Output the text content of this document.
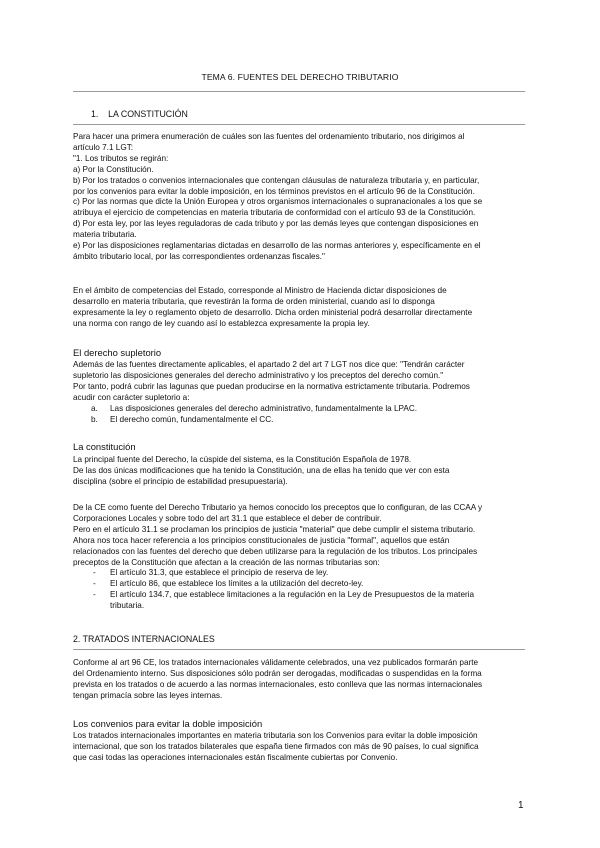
TEMA 6. FUENTES DEL DERECHO TRIBUTARIO
1. LA CONSTITUCIÓN

Para hacer una primera enumeración de cuáles son las fuentes del ordenamiento tributario, nos dirigimos al

artículo 7.1 LGT:

"1. Los tributos se regirán:

a) Por la Constitución.

b) Por los tratados o convenios internacionales que contengan cláusulas de naturaleza tributaria y, en particular,

por los convenios para evitar la doble imposición, en los términos previstos en el artículo 96 de la Constitución.

c) Por las normas que dicte la Unión Europea y otros organismos internacionales o supranacionales a los que se

atribuya el ejercicio de competencias en materia tributaria de conformidad con el artículo 93 de la Constitución.

d) Por esta ley, por las leyes reguladoras de cada tributo y por las demás leyes que contengan disposiciones en

materia tributaria.

e) Por las disposiciones reglamentarias dictadas en desarrollo de las normas anteriores y, específicamente en el

ámbito tributario local, por las correspondientes ordenanzas fiscales."

En el ámbito de competencias del Estado, corresponde al Ministro de Hacienda dictar disposiciones de

desarrollo en materia tributaria, que revestirán la forma de orden ministerial, cuando así lo disponga

expresamente la ley o reglamento objeto de desarrollo. Dicha orden ministerial podrá desarrollar directamente

una norma con rango de ley cuando así lo establezca expresamente la propia ley.

El derecho supletorio

Además de las fuentes directamente aplicables, el apartado 2 del art 7 LGT nos dice que: "Tendrán carácter

supletorio las disposiciones generales del derecho administrativo y los preceptos del derecho común."

Por tanto, podrá cubrir las lagunas que puedan producirse en la normativa estrictamente tributaria. Podremos

acudir con carácter supletorio a:

a. Las disposiciones generales del derecho administrativo, fundamentalmente la LPAC.
b. El derecho común, fundamentalmente el CC.
La constitución

La principal fuente del Derecho, la cúspide del sistema, es la Constitución Española de 1978.

De las dos únicas modificaciones que ha tenido la Constitución, una de ellas ha tenido que ver con esta

disciplina (sobre el principio de estabilidad presupuestaria).

De la CE como fuente del Derecho Tributario ya hemos conocido los preceptos que lo configuran, de las CCAA y

Corporaciones Locales y sobre todo del art 31.1 que establece el deber de contribuir.

Pero en el artículo 31.1 se proclaman los principios de justicia "material" que debe cumplir el sistema tributario.

Ahora nos toca hacer referencia a los principios constitucionales de justicia "formal", aquellos que están

relacionados con las fuentes del derecho que deben utilizarse para la regulación de los tributos. Los principales

preceptos de la Constitución que afectan a la creación de las normas tributarias son:

- El artículo 31.3, que establece el principio de reserva de ley.
- El artículo 86, que establece los límites a la utilización del decreto-ley.
- El artículo 134.7, que establece limitaciones a la regulación en la Ley de Presupuestos de la materia
tributaria.
2. TRATADOS INTERNACIONALES

Conforme al art 96 CE, los tratados internacionales válidamente celebrados, una vez publicados formarán parte

del Ordenamiento interno. Sus disposiciones sólo podrán ser derogadas, modificadas o suspendidas en la forma

prevista en los tratados o de acuerdo a las normas internacionales, esto conlleva que las normas internacionales

tengan primacía sobre las leyes internas.

Los convenios para evitar la doble imposición

Los tratados internacionales importantes en materia tributaria son los Convenios para evitar la doble imposición

internacional, que son los tratados bilaterales que españa tiene firmados con más de 90 países, lo cual significa

que casi todas las operaciones internacionales están fiscalmente cubiertas por Convenio.

1
